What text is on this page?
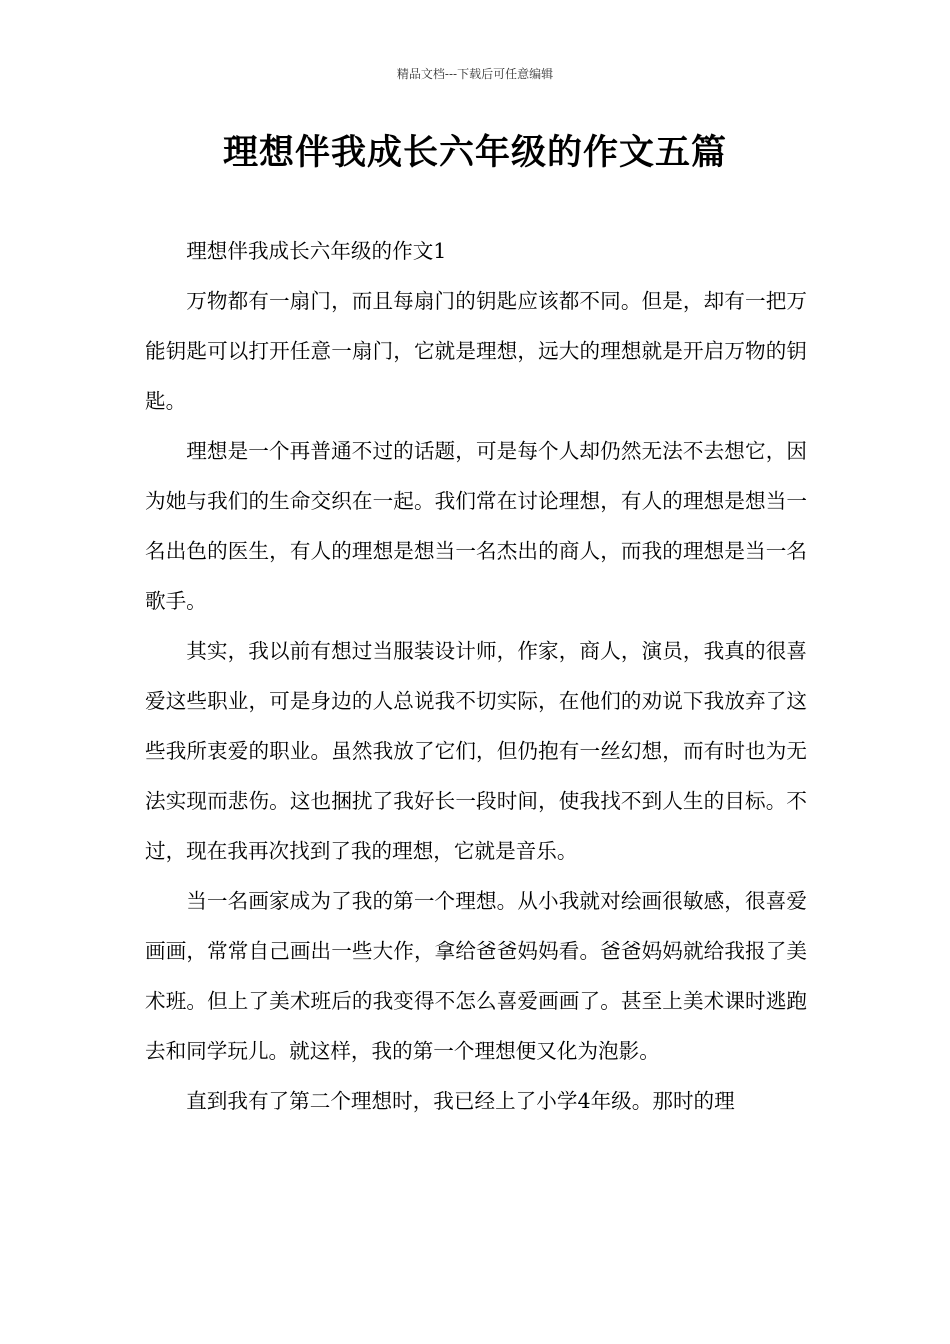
精品文档---下载后可任意编辑
理想伴我成长六年级的作文五篇

理想伴我成长六年级的作文1

万物都有一扇门，而且每扇门的钥匙应该都不同。但是，却有一把万能钥匙可以打开任意一扇门，它就是理想，远大的理想就是开启万物的钥匙。

理想是一个再普通不过的话题，可是每个人却仍然无法不去想它，因为她与我们的生命交织在一起。我们常在讨论理想，有人的理想是想当一名出色的医生，有人的理想是想当一名杰出的商人，而我的理想是当一名歌手。

其实，我以前有想过当服装设计师，作家，商人，演员，我真的很喜爱这些职业，可是身边的人总说我不切实际，在他们的劝说下我放弃了这些我所衷爱的职业。虽然我放了它们，但仍抱有一丝幻想，而有时也为无法实现而悲伤。这也捆扰了我好长一段时间，使我找不到人生的目标。不过，现在我再次找到了我的理想，它就是音乐。

当一名画家成为了我的第一个理想。从小我就对绘画很敏感，很喜爱画画，常常自己画出一些大作，拿给爸爸妈妈看。爸爸妈妈就给我报了美术班。但上了美术班后的我变得不怎么喜爱画画了。甚至上美术课时逃跑去和同学玩儿。就这样，我的第一个理想便又化为泡影。

直到我有了第二个理想时，我已经上了小学4年级。那时的理
